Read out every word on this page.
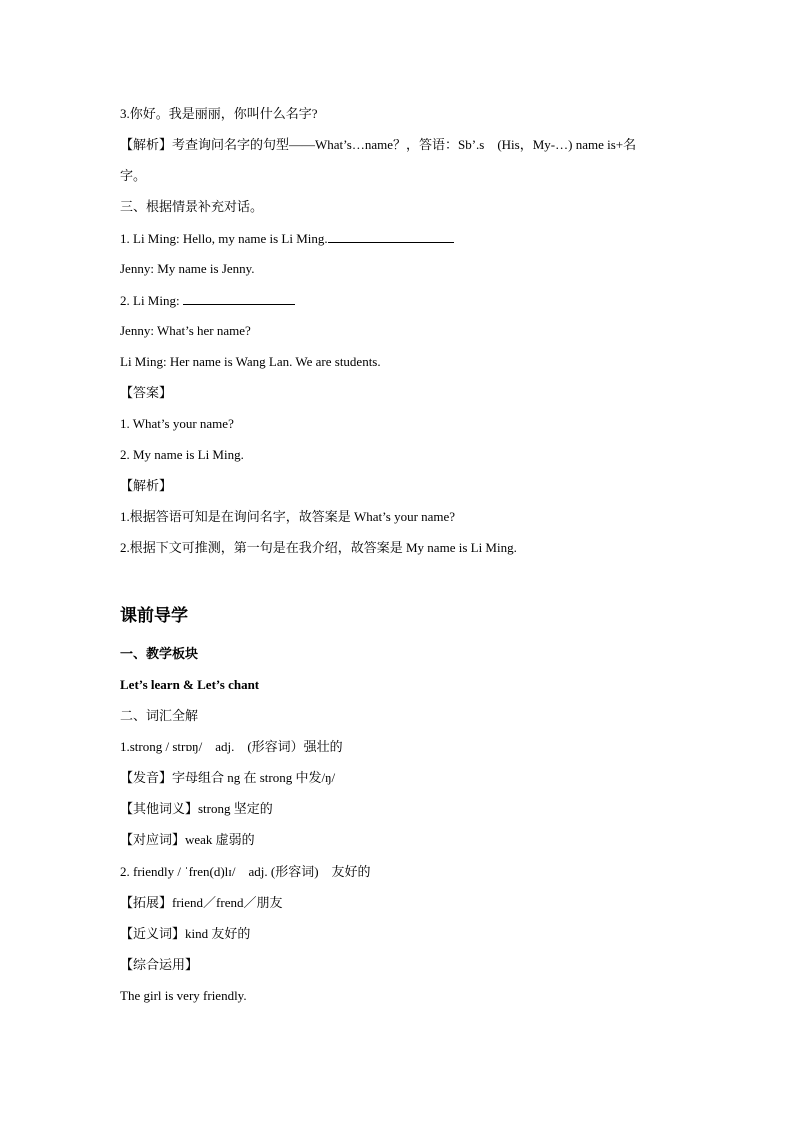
3.你好。我是丽丽，你叫什么名字?
【解析】考查询问名字的句型——What’s…name？，答语：Sb’.s　(His，My-…) name is+名
字。
三、根据情景补充对话。
1. Li Ming: Hello, my name is Li Ming.
Jenny: My name is Jenny.
2. Li Ming:
Jenny: What’s her name?
Li Ming: Her name is Wang Lan. We are students.
【答案】
1. What’s your name?
2. My name is Li Ming.
【解析】
1.根据答语可知是在询问名字，故答案是 What’s your name?
2.根据下文可推测，第一句是在我介绍，故答案是 My name is Li Ming.
课前导学
一、教学板块
Let’s learn & Let’s chant
二、词汇全解
1.strong / strɒŋ/　adj.　(形容词）强壮的
【发音】字母组合 ng 在 strong 中发/ŋ/
【其他词义】strong 坚定的
【对应词】weak 虚弱的
2. friendly / ˈfren(d)lɪ/　adj. (形容词)　友好的
【拓展】friend／frend／朋友
【近义词】kind 友好的
【综合运用】
The girl is very friendly.
